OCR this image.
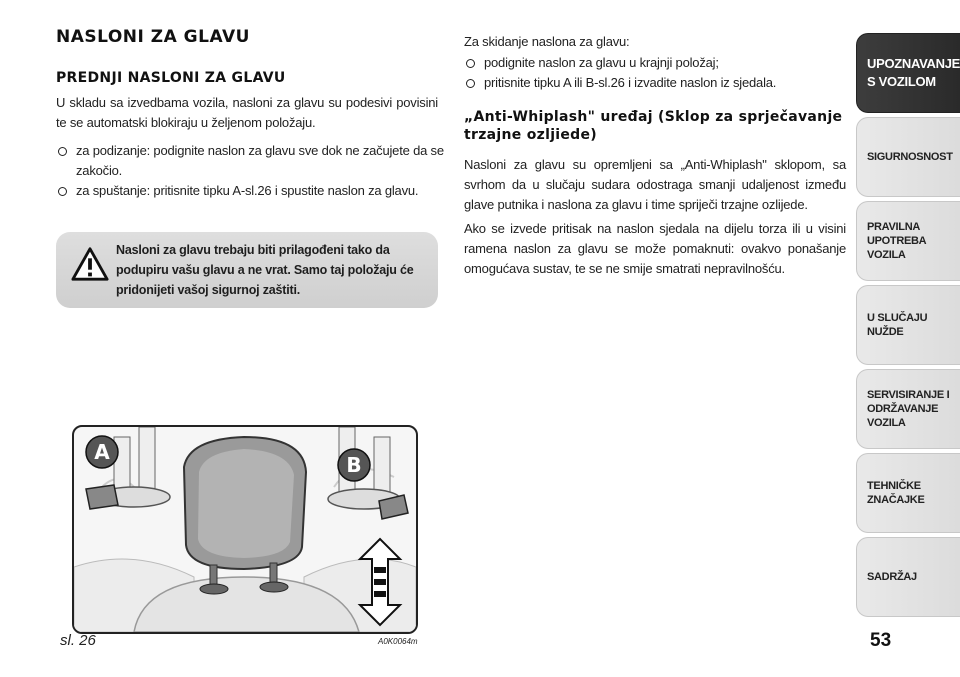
NASLONI ZA GLAVU
PREDNJI NASLONI ZA GLAVU

U skladu sa izvedbama vozila, nasloni za glavu su podesivi povisini te se automatski blokiraju u željenom položaju.

za podizanje: podignite naslon za glavu sve dok ne začujete da se zakočio.
za spuštanje: pritisnite tipku A-sl.26 i spustite naslon za glavu.

Nasloni za glavu trebaju biti prilagođeni tako da podupiru vašu glavu a ne vrat. Samo taj položaju će pridonijeti vašoj sigurnoj zaštiti.

A
B
sl. 26	A0K0064m

Za skidanje naslona za glavu:

podignite naslon za glavu u krajnji položaj;
pritisnite tipku A ili B-sl.26 i izvadite naslon iz sjedala.
„Anti-Whiplash" uređaj (Sklop za sprječavanje trzajne ozljiede)

Nasloni za glavu su opremljeni sa „Anti-Whiplash" sklopom, sa svrhom da u slučaju sudara odostraga smanji udaljenost između glave putnika i naslona za glavu i time spriječi trzajne ozlijede.

Ako se izvede pritisak na naslon sjedala na dijelu torza ili u visini ramena naslon za glavu se može pomaknuti: ovakvo ponašanje omogućava sustav, te se ne smije smatrati nepravilnošću.

53
UPOZNAVANJE
S VOZILOM
SIGURNOSNOST
PRAVILNA
UPOTREBA
VOZILA
U SLUČAJU
NUŽDE
SERVISIRANJE I
ODRŽAVANJE
VOZILA
TEHNIČKE
ZNAČAJKE
SADRŽAJ
